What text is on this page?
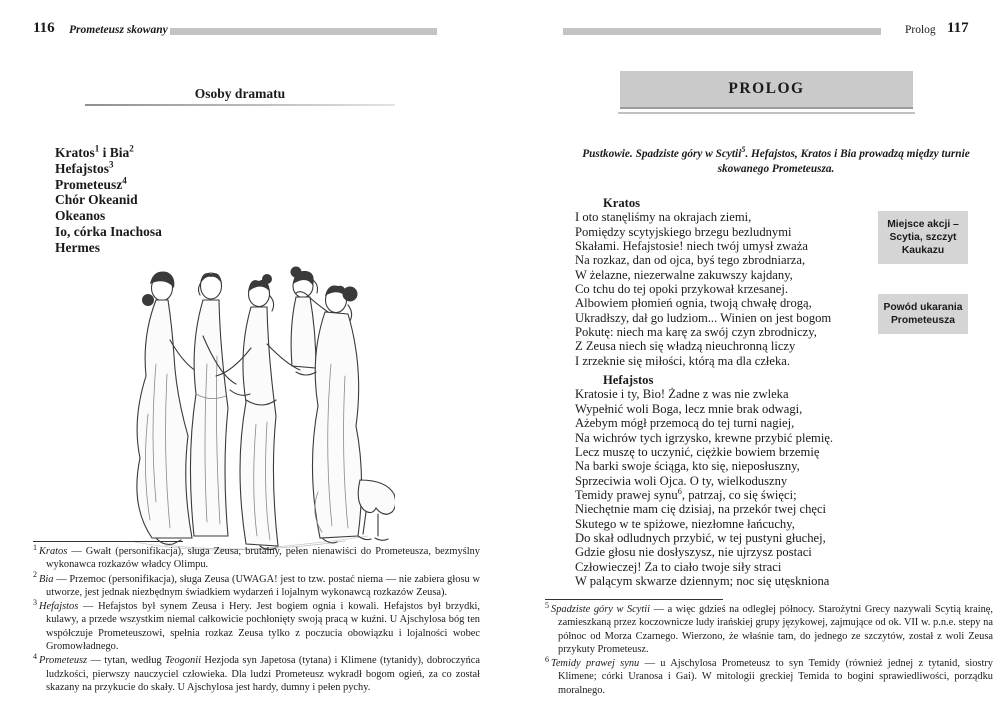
116 Prometeusz skowany
Osoby dramatu
Kratos$^1$ i Bia$^2$
Hefajstos$^3$
Prometeusz$^4$
Chór Okeanid
Okeanos
Io, córka Inachosa
Hermes
$^1$ Kratos — Gwałt (personifikacja), sługa Zeusa, brutalny, pełen nienawiści do Prometeusza, bezmyślny wykonawca rozkazów władcy Olimpu.
$^2$ Bia — Przemoc (personifikacja), sługa Zeusa (UWAGA! jest to tzw. postać niema — nie zabiera głosu w utworze, jest jednak niezbędnym świadkiem wydarzeń i lojalnym wykonawcą rozkazów Zeusa).
$^3$ Hefajstos — Hefajstos był synem Zeusa i Hery. Jest bogiem ognia i kowali. Hefajstos był brzydki, kulawy, a przede wszystkim niemal całkowicie pochłonięty swoją pracą w kuźni. U Ajschylosa bóg ten współczuje Prometeuszowi, spełnia rozkaz Zeusa tylko z poczucia obowiązku i lojalności wobec Gromowładnego.
$^4$ Prometeusz — tytan, według Teogonii Hezjoda syn Japetosa (tytana) i Klimene (tytanidy), dobroczyńca ludzkości, pierwszy nauczyciel człowieka. Dla ludzi Prometeusz wykradł bogom ogień, za co został skazany na przykucie do skały. U Ajschylosa jest hardy, dumny i pełen pychy.
Prolog 117
PROLOG

Pustkowie. Spadziste góry w Scytii$^5$. Hefajstos, Kratos i Bia prowadzą między turnie skowanego Prometeusza.

Kratos
I oto stanęliśmy na okrajach ziemi,
Pomiędzy scytyjskiego brzegu bezludnymi
Skałami. Hefajstosie! niech twój umysł zważa
Na rozkaz, dan od ojca, byś tego zbrodniarza,
W żelazne, niezerwalne zakuwszy kajdany,
Co tchu do tej opoki przykował krzesanej.
Albowiem płomień ognia, twoją chwałę drogą,
Ukradłszy, dał go ludziom... Winien on jest bogom
Pokutę: niech ma karę za swój czyn zbrodniczy,
Z Zeusa niech się władzą nieuchronną liczy
I zrzeknie się miłości, którą ma dla człeka.
Hefajstos
Kratosie i ty, Bio! Żadne z was nie zwleka
Wypełnić woli Boga, lecz mnie brak odwagi,
Ażebym mógł przemocą do tej turni nagiej,
Na wichrów tych igrzysko, krewne przybić plemię.
Lecz muszę to uczynić, ciężkie bowiem brzemię
Na barki swoje ściąga, kto się, nieposłuszny,
Sprzeciwia woli Ojca. O ty, wielkoduszny
Temidy prawej synu$^6$, patrzaj, co się święci;
Niechętnie mam cię dzisiaj, na przekór twej chęci
Skutego w te spiżowe, niezłomne łańcuchy,
Do skał odludnych przybić, w tej pustyni głuchej,
Gdzie głosu nie dosłyszysz, nie ujrzysz postaci
Człowieczej! Za to ciało twoje siły straci
W palącym skwarze dziennym; noc się utęskniona
Miejsce akcji – Scytia, szczyt Kaukazu
Powód ukarania Prometeusza
$^5$ Spadziste góry w Scytii — a więc gdzieś na odległej północy. Starożytni Grecy nazywali Scytią krainę, zamieszkaną przez koczownicze ludy irańskiej grupy językowej, zajmujące od ok. VII w. p.n.e. stepy na północ od Morza Czarnego. Wierzono, że właśnie tam, do jednego ze szczytów, został z woli Zeusa przykuty Prometeusz.
$^6$ Temidy prawej synu — u Ajschylosa Prometeusz to syn Temidy (również jednej z tytanid, siostry Klimene; córki Uranosa i Gai). W mitologii greckiej Temida to bogini sprawiedliwości, porządku moralnego.
